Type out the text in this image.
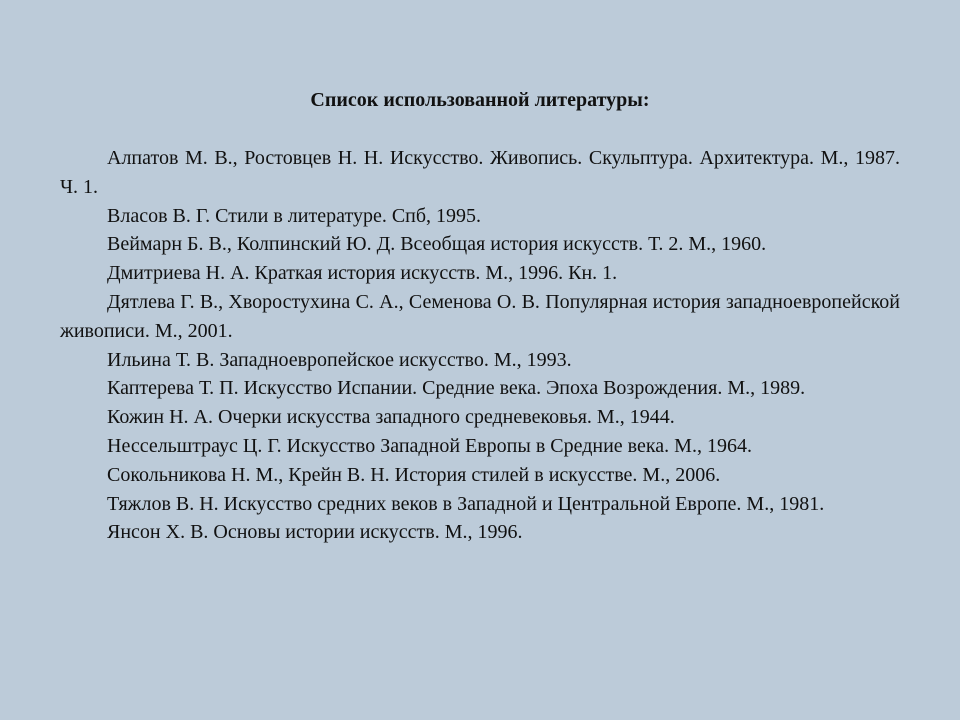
Список использованной литературы:
Алпатов М. В., Ростовцев Н. Н. Искусство. Живопись. Скульптура. Архитектура. М., 1987. Ч. 1.
Власов В. Г. Стили в литературе. Спб, 1995.
Веймарн Б. В., Колпинский Ю. Д. Всеобщая история искусств. Т. 2. М., 1960.
Дмитриева Н. А. Краткая история искусств. М., 1996. Кн. 1.
Дятлева Г. В., Хворостухина С. А., Семенова О. В. Популярная история западноевропейской живописи. М., 2001.
Ильина Т. В. Западноевропейское искусство. М., 1993.
Каптерева Т. П. Искусство Испании. Средние века. Эпоха Возрождения. М., 1989.
Кожин Н. А. Очерки искусства западного средневековья. М., 1944.
Нессельштраус Ц. Г. Искусство Западной Европы в Средние века. М., 1964.
Сокольникова Н. М., Крейн В. Н. История стилей в искусстве. М., 2006.
Тяжлов В. Н. Искусство средних веков в Западной и Центральной Европе. М., 1981.
Янсон Х. В. Основы истории искусств. М., 1996.
